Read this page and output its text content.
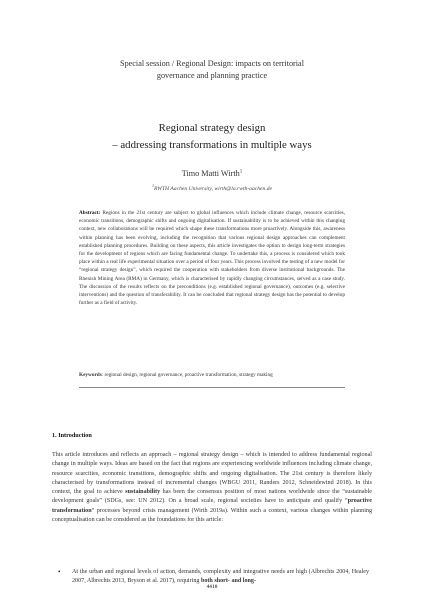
Special session / Regional Design: impacts on territorial
governance and planning practice
Regional strategy design
– addressing transformations in multiple ways
Timo Matti Wirth$^1$
$^1$RWTH Aachen University, wirth@la.rwth-aachen.de
Abstract: Regions in the 21st century are subject to global influences which include climate change, resource scarcities, economic transitions, demographic shifts and ongoing digitalisation. If sustainability is to be achieved within this changing context, new collaborations will be required which shape these transformations more proactively. Alongside this, awareness within planning has been evolving, including the recognition that various regional design approaches can complement established planning procedures. Building on these aspects, this article investigates the option to design long-term strategies for the development of regions which are facing fundamental change. To undertake this, a process is considered which took place within a real life experimental situation over a period of four years. This process involved the testing of a new model for “regional strategy design”, which required the cooperation with stakeholders from diverse institutional backgrounds. The Rhenish Mining Area (RMA) in Germany, which is characterised by rapidly changing circumstances, served as a case study. The discussion of the results reflects on the preconditions (e.g. established regional governance), outcomes (e.g. selective interventions) and the question of transferability. It can be concluded that regional strategy design has the potential to develop further as a field of activity.
Keywords: regional design, regional governance, proactive transformation, strategy making
1. Introduction
This article introduces and reflects an approach – regional strategy design – which is intended to address fundamental regional change in multiple ways. Ideas are based on the fact that regions are experiencing worldwide influences including climate change, resource scarcities, economic transitions, demographic shifts and ongoing digitalisation. The 21st century is therefore likely characterised by transformations instead of incremental changes (WBGU 2011, Randers 2012, Schneidewind 2018). In this context, the goal to achieve sustainability has been the consensus position of most nations worldwide since the “sustainable development goals” (SDGs, see: UN 2012). On a broad scale, regional societies have to anticipate and qualify “proactive transformation” processes beyond crisis management (Wirth 2019a). Within such a context, various changes within planning conceptualisation can be considered as the foundations for this article:
•	At the urban and regional levels of action, demands, complexity and integrative needs are high (Albrechts 2004, Healey 2007, Albrechts 2013, Bryson et al. 2017), requiring both short- and long-
4410
